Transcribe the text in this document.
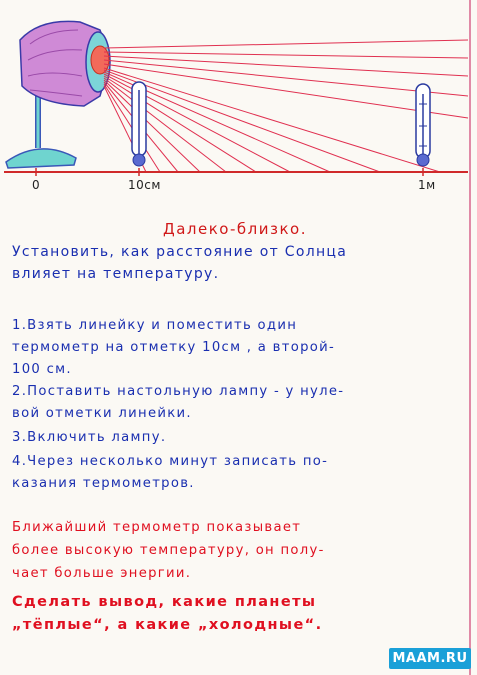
0	10см	1м
Далеко-близко.
Установить, как расстояние от Солнца
влияет на температуру.
1.Взять линейку и поместить один
термометр на отметку 10см , а второй-
100 см.
2.Поставить настольную лампу - у нуле-
вой отметки линейки.
3.Включить лампу.
4.Через несколько минут записать по-
казания термометров.
Ближайший термометр показывает
более высокую температуру, он полу-
чает больше энергии.
Сделать вывод, какие планеты
„тёплые“, а какие „холодные“.
MAAM.RU
